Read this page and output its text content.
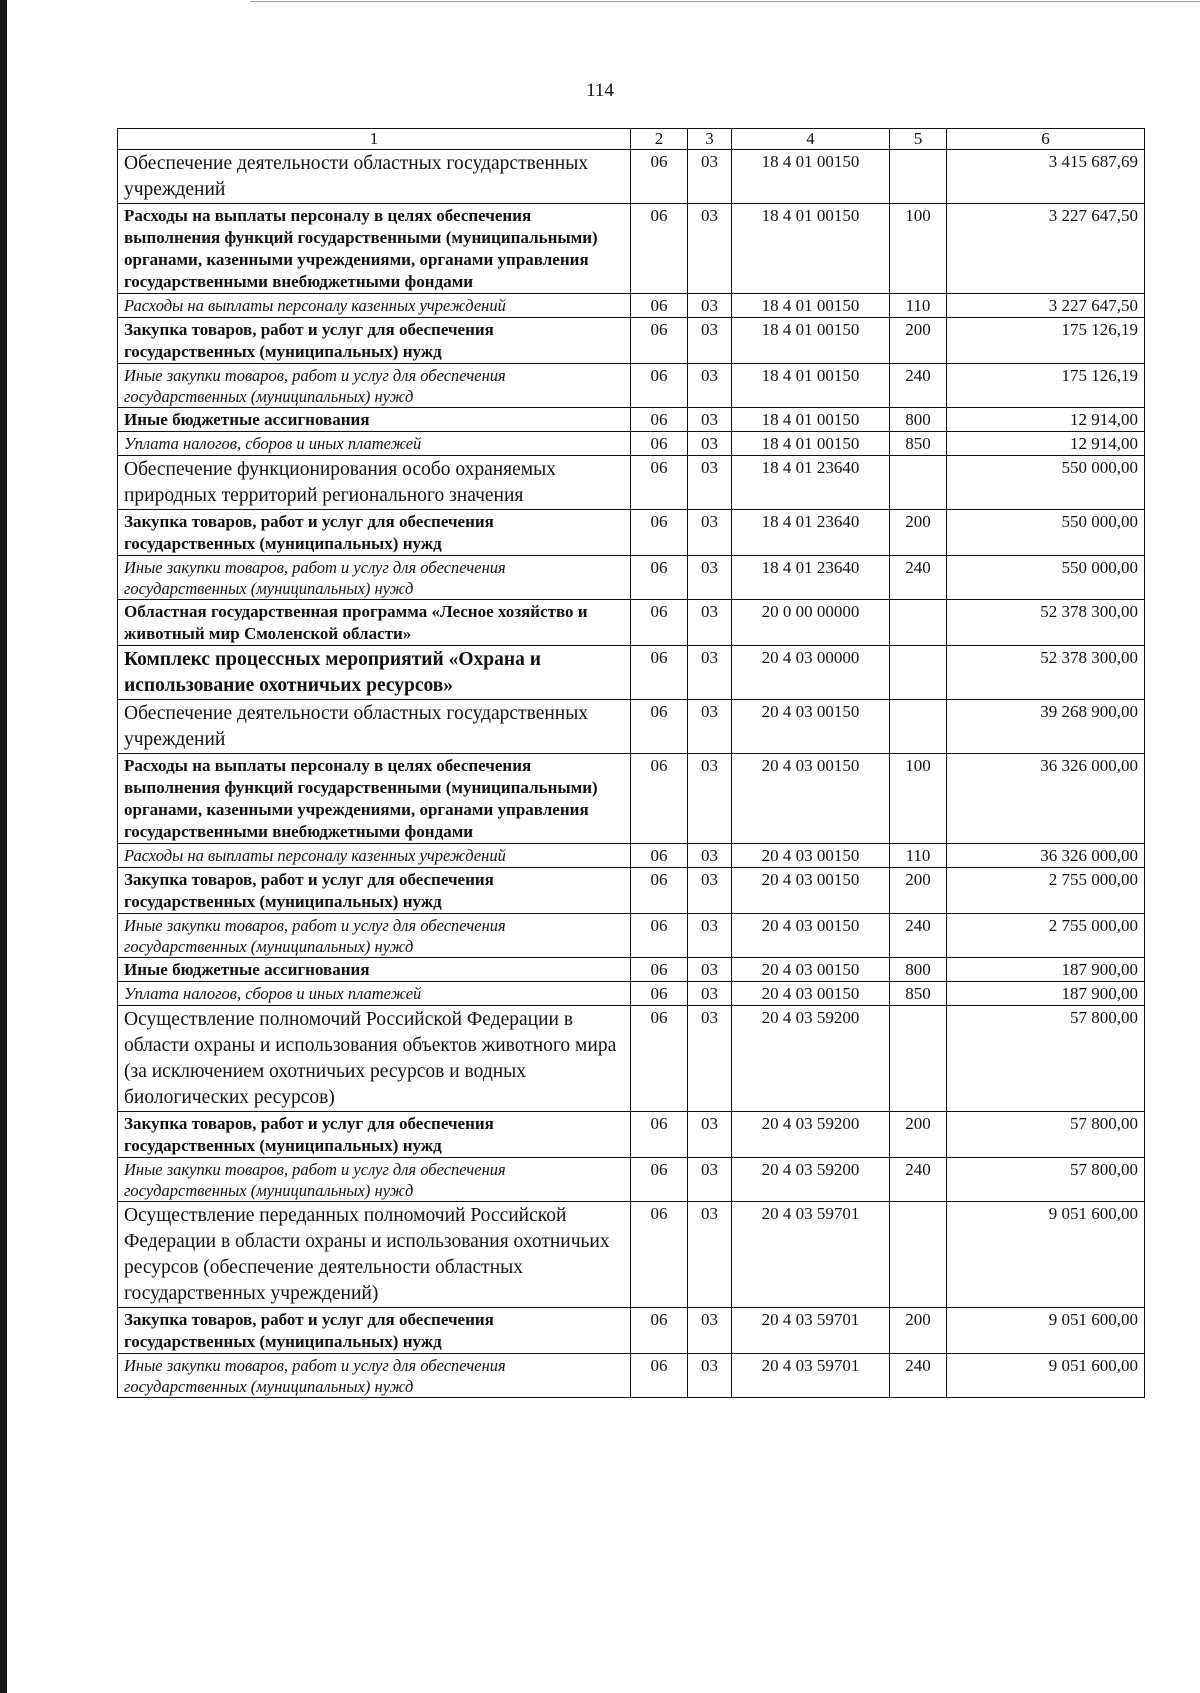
114
1	2	3	4	5	6
Обеспечение деятельности областных государственных учреждений	06	03	18 4 01 00150		3 415 687,69
Расходы на выплаты персоналу в целях обеспечения выполнения функций государственными (муниципальными) органами, казенными учреждениями, органами управления государственными внебюджетными фондами	06	03	18 4 01 00150	100	3 227 647,50
Расходы на выплаты персоналу казенных учреждений	06	03	18 4 01 00150	110	3 227 647,50
Закупка товаров, работ и услуг для обеспечения государственных (муниципальных) нужд	06	03	18 4 01 00150	200	175 126,19
Иные закупки товаров, работ и услуг для обеспечения государственных (муниципальных) нужд	06	03	18 4 01 00150	240	175 126,19
Иные бюджетные ассигнования	06	03	18 4 01 00150	800	12 914,00
Уплата налогов, сборов и иных платежей	06	03	18 4 01 00150	850	12 914,00
Обеспечение функционирования особо охраняемых природных территорий регионального значения	06	03	18 4 01 23640		550 000,00
Закупка товаров, работ и услуг для обеспечения государственных (муниципальных) нужд	06	03	18 4 01 23640	200	550 000,00
Иные закупки товаров, работ и услуг для обеспечения государственных (муниципальных) нужд	06	03	18 4 01 23640	240	550 000,00
Областная государственная программа «Лесное хозяйство и животный мир Смоленской области»	06	03	20 0 00 00000		52 378 300,00
Комплекс процессных мероприятий «Охрана и использование охотничьих ресурсов»	06	03	20 4 03 00000		52 378 300,00
Обеспечение деятельности областных государственных учреждений	06	03	20 4 03 00150		39 268 900,00
Расходы на выплаты персоналу в целях обеспечения выполнения функций государственными (муниципальными) органами, казенными учреждениями, органами управления государственными внебюджетными фондами	06	03	20 4 03 00150	100	36 326 000,00
Расходы на выплаты персоналу казенных учреждений	06	03	20 4 03 00150	110	36 326 000,00
Закупка товаров, работ и услуг для обеспечения государственных (муниципальных) нужд	06	03	20 4 03 00150	200	2 755 000,00
Иные закупки товаров, работ и услуг для обеспечения государственных (муниципальных) нужд	06	03	20 4 03 00150	240	2 755 000,00
Иные бюджетные ассигнования	06	03	20 4 03 00150	800	187 900,00
Уплата налогов, сборов и иных платежей	06	03	20 4 03 00150	850	187 900,00
Осуществление полномочий Российской Федерации в области охраны и использования объектов животного мира (за исключением охотничьих ресурсов и водных биологических ресурсов)	06	03	20 4 03 59200		57 800,00
Закупка товаров, работ и услуг для обеспечения государственных (муниципальных) нужд	06	03	20 4 03 59200	200	57 800,00
Иные закупки товаров, работ и услуг для обеспечения государственных (муниципальных) нужд	06	03	20 4 03 59200	240	57 800,00
Осуществление переданных полномочий Российской Федерации в области охраны и использования охотничьих ресурсов (обеспечение деятельности областных государственных учреждений)	06	03	20 4 03 59701		9 051 600,00
Закупка товаров, работ и услуг для обеспечения государственных (муниципальных) нужд	06	03	20 4 03 59701	200	9 051 600,00
Иные закупки товаров, работ и услуг для обеспечения государственных (муниципальных) нужд	06	03	20 4 03 59701	240	9 051 600,00
